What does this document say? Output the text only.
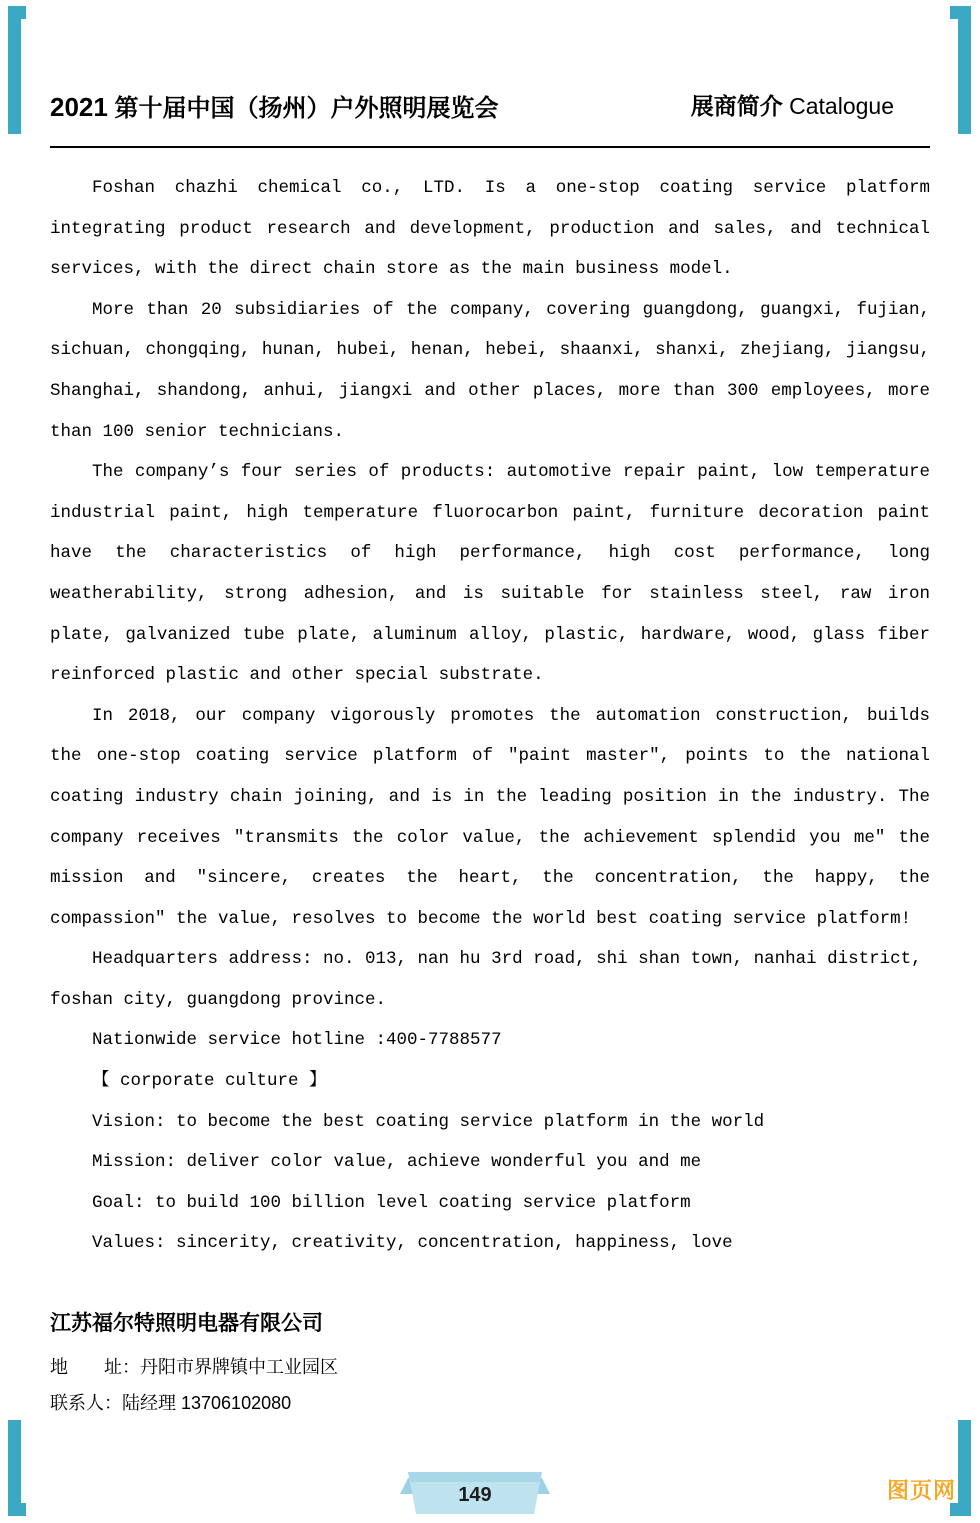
2021 第十届中国（扬州）户外照明展览会	展商简介 Catalogue

Foshan chazhi chemical co., LTD. Is a one-stop coating service platform integrating product research and development, production and sales, and technical services, with the direct chain store as the main business model.

More than 20 subsidiaries of the company, covering guangdong, guangxi, fujian, sichuan, chongqing, hunan, hubei, henan, hebei, shaanxi, shanxi, zhejiang, jiangsu, Shanghai, shandong, anhui, jiangxi and other places, more than 300 employees, more than 100 senior technicians.

The company’s four series of products: automotive repair paint, low temperature industrial paint, high temperature fluorocarbon paint, furniture decoration paint have the characteristics of high performance, high cost performance, long weatherability, strong adhesion, and is suitable for stainless steel, raw iron plate, galvanized tube plate, aluminum alloy, plastic, hardware, wood, glass fiber reinforced plastic and other special substrate.

In 2018, our company vigorously promotes the automation construction, builds the one-stop coating service platform of "paint master", points to the national coating industry chain joining, and is in the leading position in the industry. The company receives "transmits the color value, the achievement splendid you me" the mission and "sincere, creates the heart, the concentration, the happy, the compassion" the value, resolves to become the world best coating service platform!

Headquarters address: no. 013, nan hu 3rd road, shi shan town, nanhai district, foshan city, guangdong province.

Nationwide service hotline :400-7788577

【 corporate culture 】

Vision: to become the best coating service platform in the world

Mission: deliver color value, achieve wonderful you and me

Goal: to build 100 billion level coating service platform

Values: sincerity, creativity, concentration, happiness, love

江苏福尔特照明电器有限公司
地　　址：丹阳市界牌镇中工业园区
联系人：陆经理 13706102080
149	图页网
